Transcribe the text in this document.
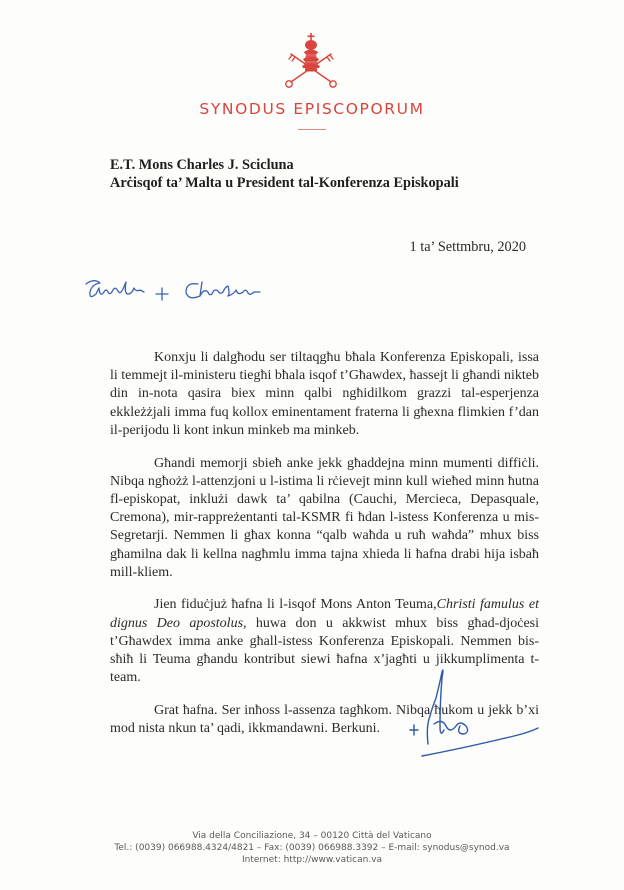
SYNODUS EPISCOPORUM
E.T. Mons Charles J. Scicluna
Arċisqof ta’ Malta u President tal-Konferenza Episkopali
1 ta’ Settmbru, 2020

Konxju li dalgħodu ser tiltaqgħu bħala Konferenza Episkopali, issa li temmejt il-ministeru tiegħi bħala isqof t’Għawdex, ħassejt li għandi nikteb din in-nota qasira biex minn qalbi ngħidilkom grazzi tal-esperjenza ekkleżżjali imma fuq kollox eminentament fraterna li għexna flimkien f’dan il-perijodu li kont inkun minkeb ma minkeb.

Għandi memorji sbieħ anke jekk għaddejna minn mumenti diffiċli. Nibqa ngħożż l-attenzjoni u l-istima li rċievejt minn kull wieħed minn ħutna fl-episkopat, inklużi dawk ta’ qabilna (Cauchi, Mercieca, Depasquale, Cremona), mir-rappreżentanti tal-KSMR fi ħdan l-istess Konferenza u mis-Segretarji. Nemmen li għax konna “qalb waħda u ruħ waħda” mhux biss għamilna dak li kellna nagħmlu imma tajna xhieda li ħafna drabi hija isbaħ mill-kliem.

Jien fiduċjuż ħafna li l-isqof Mons Anton Teuma,Christi famulus et dignus Deo apostolus, huwa don u akkwist mhux biss għad-djoċesi t’Għawdex imma anke għall-istess Konferenza Episkopali. Nemmen bis-sħiħ li Teuma għandu kontribut siewi ħafna x’jagħti u jikkumplimenta t-team.

Grat ħafna. Ser inħoss l-assenza tagħkom. Nibqa ħukom u jekk b’xi mod nista nkun ta’ qadi, ikkmandawni. Berkuni.

Via della Conciliazione, 34 – 00120 Città del Vaticano
Tel.: (0039) 066988.4324/4821 – Fax: (0039) 066988.3392 – E-mail: synodus@synod.va
Internet: http://www.vatican.va
